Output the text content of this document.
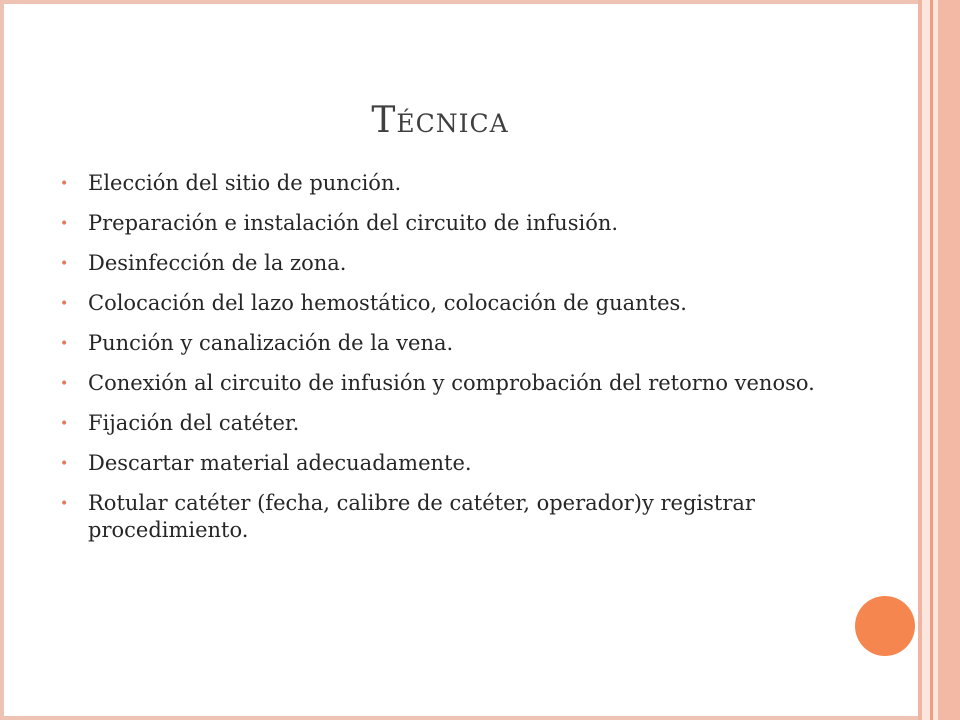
Técnica
• Elección del sitio de punción.
• Preparación e instalación del circuito de infusión.
• Desinfección de la zona.
• Colocación del lazo hemostático, colocación de guantes.
• Punción y canalización de la vena.
• Conexión al circuito de infusión y comprobación del retorno venoso.
• Fijación del catéter.
• Descartar material adecuadamente.
• Rotular catéter (fecha, calibre de catéter, operador)y registrar procedimiento.
